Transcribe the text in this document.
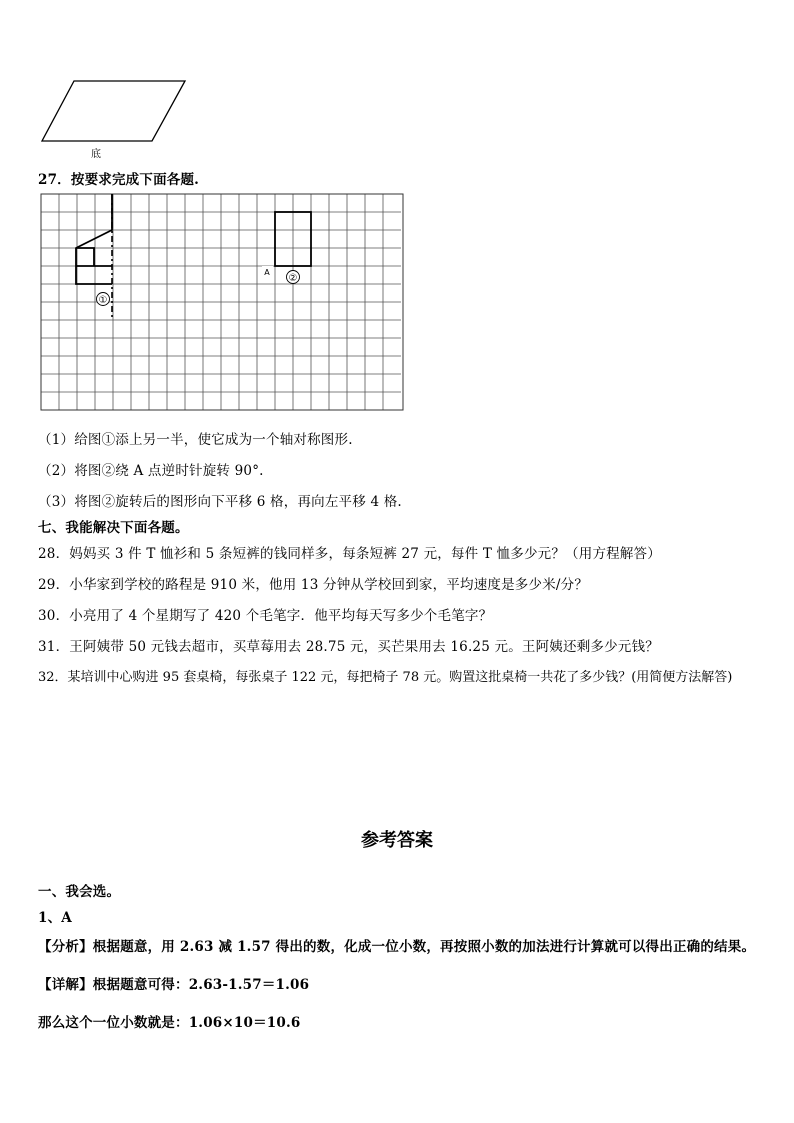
底
27．按要求完成下面各题.
①
②
A
（1）给图①添上另一半，使它成为一个轴对称图形.
（2）将图②绕 A 点逆时针旋转 90°.
（3）将图②旋转后的图形向下平移 6 格，再向左平移 4 格.
七、我能解决下面各题。
28．妈妈买 3 件 T 恤衫和 5 条短裤的钱同样多，每条短裤 27 元，每件 T 恤多少元？（用方程解答）
29．小华家到学校的路程是 910 米，他用 13 分钟从学校回到家，平均速度是多少米/分？
30．小亮用了 4 个星期写了 420 个毛笔字．他平均每天写多少个毛笔字？
31．王阿姨带 50 元钱去超市，买草莓用去 28.75 元，买芒果用去 16.25 元。王阿姨还剩多少元钱？
32．某培训中心购进 95 套桌椅，每张桌子 122 元，每把椅子 78 元。购置这批桌椅一共花了多少钱？(用简便方法解答)
参考答案
一、我会选。
1、A
【分析】根据题意，用 2.63 减 1.57 得出的数，化成一位小数，再按照小数的加法进行计算就可以得出正确的结果。
【详解】根据题意可得：2.63-1.57＝1.06
那么这个一位小数就是：1.06×10＝10.6
